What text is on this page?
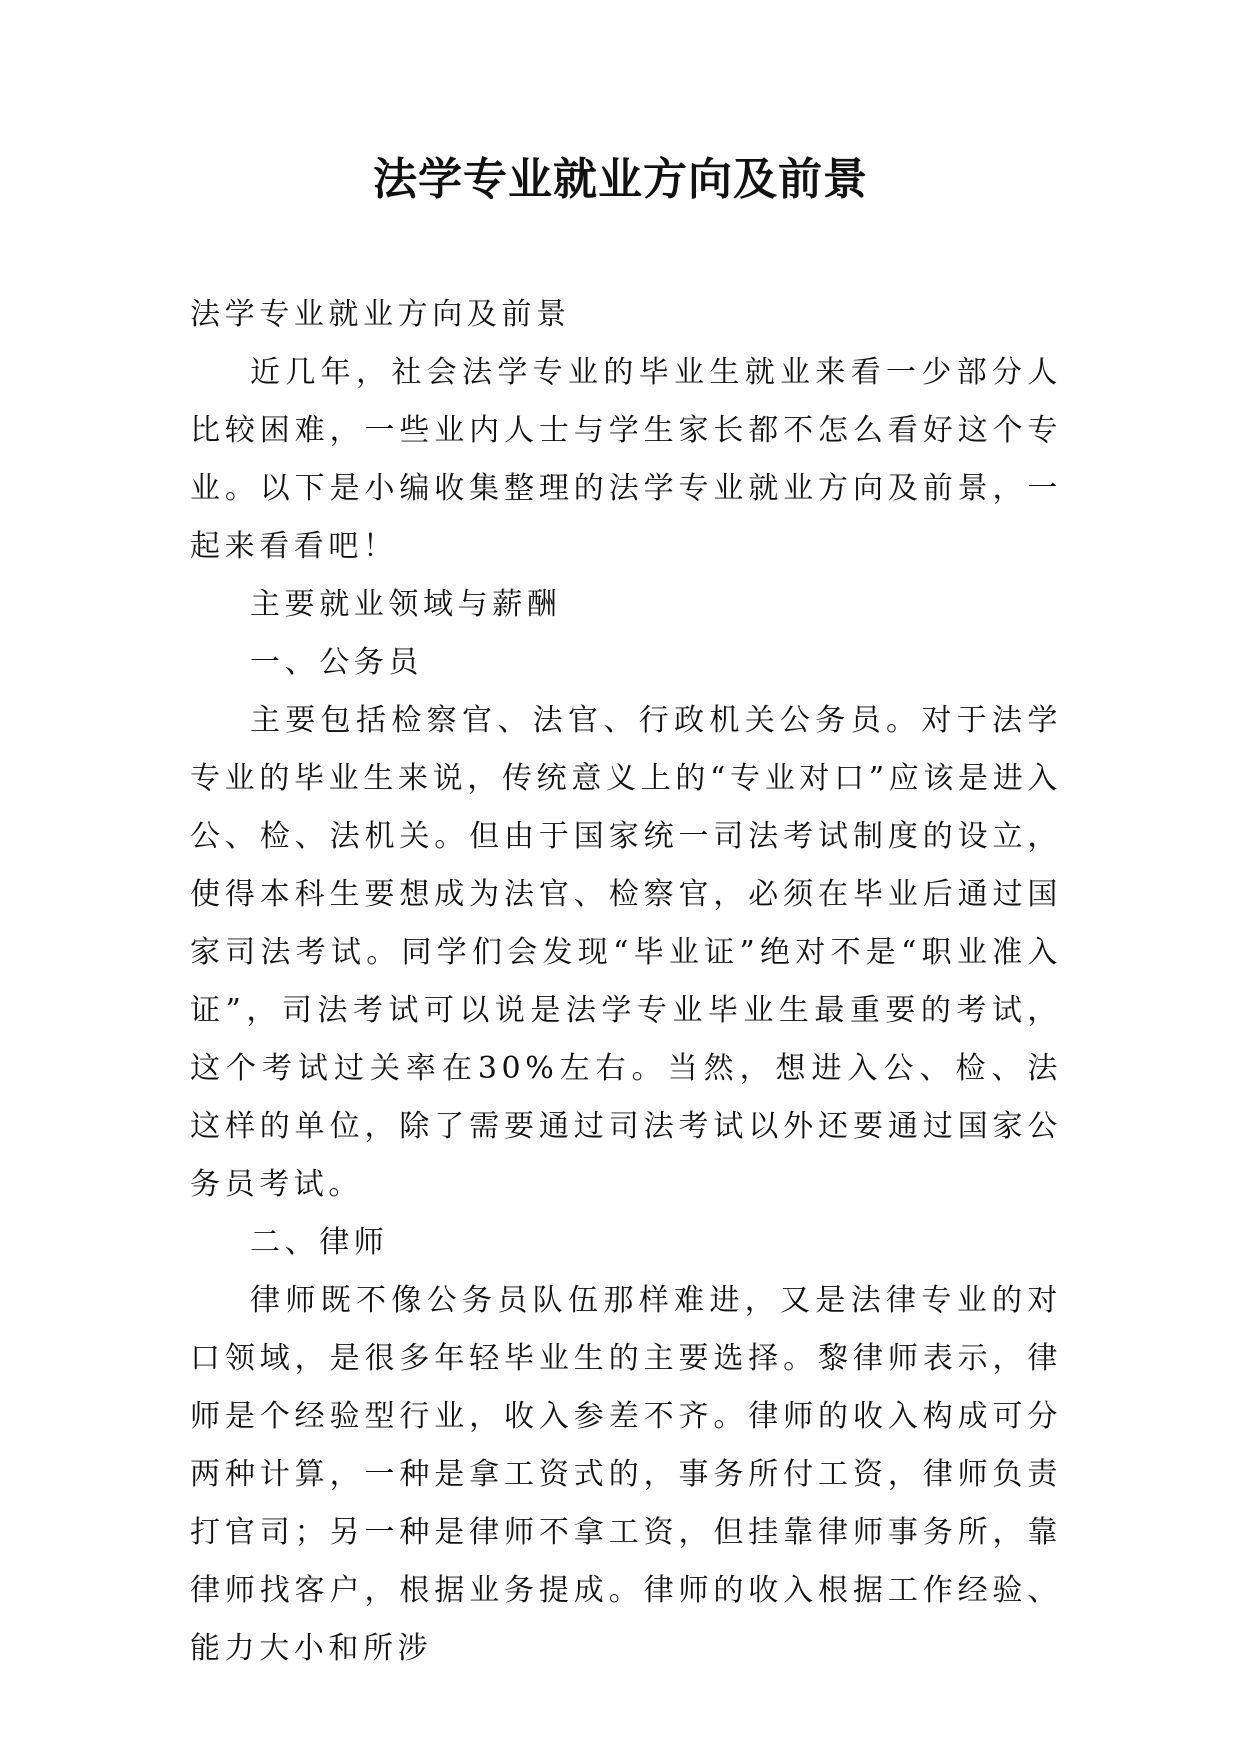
法学专业就业方向及前景

法学专业就业方向及前景

近几年，社会法学专业的毕业生就业来看一少部分人比较困难，一些业内人士与学生家长都不怎么看好这个专业。以下是小编收集整理的法学专业就业方向及前景，一起来看看吧！

主要就业领域与薪酬

一、公务员

主要包括检察官、法官、行政机关公务员。对于法学专业的毕业生来说，传统意义上的“专业对口”应该是进入公、检、法机关。但由于国家统一司法考试制度的设立，使得本科生要想成为法官、检察官，必须在毕业后通过国家司法考试。同学们会发现“毕业证”绝对不是“职业准入证”，司法考试可以说是法学专业毕业生最重要的考试，这个考试过关率在30%左右。当然，想进入公、检、法这样的单位，除了需要通过司法考试以外还要通过国家公务员考试。

二、律师

律师既不像公务员队伍那样难进，又是法律专业的对口领域，是很多年轻毕业生的主要选择。黎律师表示，律师是个经验型行业，收入参差不齐。律师的收入构成可分两种计算，一种是拿工资式的，事务所付工资，律师负责打官司；另一种是律师不拿工资，但挂靠律师事务所，靠律师找客户，根据业务提成。律师的收入根据工作经验、能力大小和所涉
